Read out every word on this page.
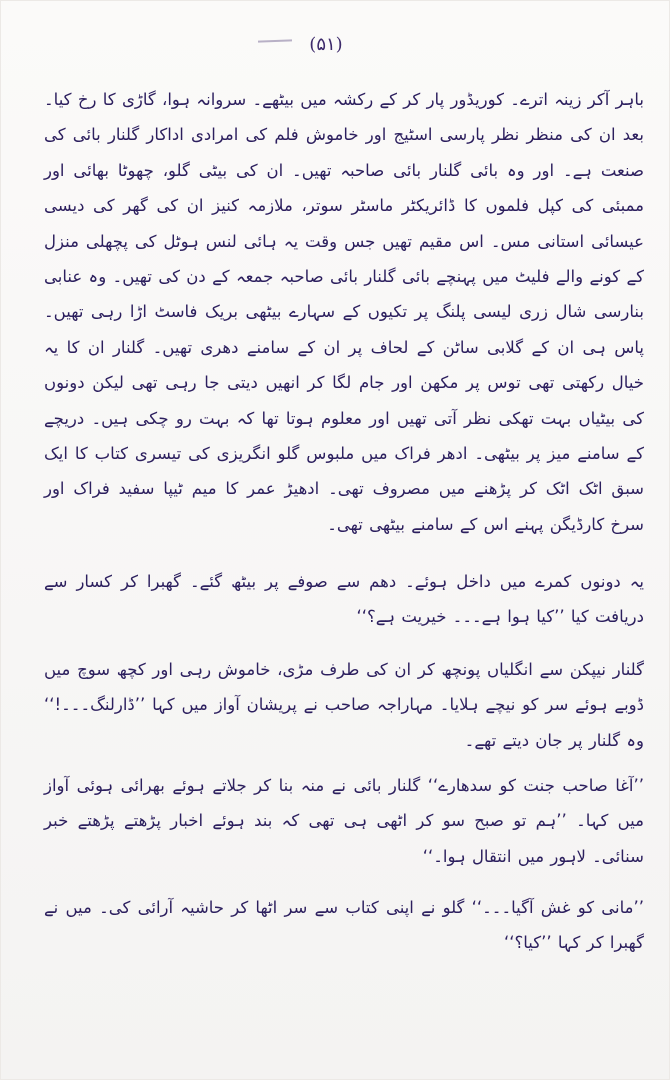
(۵۱)
باہر آکر زینہ اترے۔ کوریڈور پار کر کے رکشہ میں بیٹھے۔ سروانہ ہوا، گاڑی کا رخ کیا۔ بعد ان کی منظر نظر پارسی اسٹیج اور خاموش فلم کی امرادی اداکار گلنار بائی کی صنعت ہے۔ اور وہ بائی گلنار بائی صاحبہ تھیں۔ ان کی بیٹی گلو، چھوٹا بھائی اور ممبئی کی کپل فلموں کا ڈائریکٹر ماسٹر سوتر، ملازمہ کنیز ان کی گھر کی دیسی عیسائی استانی مس۔ اس مقیم تھیں جس وقت یہ ہائی لنس ہوٹل کی پچھلی منزل کے کونے والے فلیٹ میں پہنچے بائی گلنار بائی صاحبہ جمعہ کے دن کی تھیں۔ وہ عنابی بنارسی شال زری لیسی پلنگ پر تکیوں کے سہارے بیٹھی بریک فاسٹ اڑا رہی تھیں۔ پاس ہی ان کے گلابی ساٹن کے لحاف پر ان کے سامنے دھری تھیں۔ گلنار ان کا یہ خیال رکھتی تھی توس پر مکھن اور جام لگا کر انھیں دیتی جا رہی تھی لیکن دونوں کی بیٹیاں بہت تھکی نظر آتی تھیں اور معلوم ہوتا تھا کہ بہت رو چکی ہیں۔ دریچے کے سامنے میز پر بیٹھی۔ ادھر فراک میں ملبوس گلو انگریزی کی تیسری کتاب کا ایک سبق اٹک اٹک کر پڑھنے میں مصروف تھی۔ ادھیڑ عمر کا میم ٹیپا سفید فراک اور سرخ کارڈیگن پہنے اس کے سامنے بیٹھی تھی۔
یہ دونوں کمرے میں داخل ہوئے۔ دھم سے صوفے پر بیٹھ گئے۔ گھبرا کر کسار سے دریافت کیا ’’کیا ہوا ہے۔۔۔ خیریت ہے؟‘‘
گلنار نیپکن سے انگلیاں پونچھ کر ان کی طرف مڑی، خاموش رہی اور کچھ سوچ میں ڈوبے ہوئے سر کو نیچے ہلایا۔ مہاراجہ صاحب نے پریشان آواز میں کہا ’’ڈارلنگ۔۔۔!‘‘ وہ گلنار پر جان دیتے تھے۔
’’آغا صاحب جنت کو سدھارے‘‘ گلنار بائی نے منہ بنا کر جلاتے ہوئے بھرائی ہوئی آواز میں کہا۔ ’’ہم تو صبح سو کر اٹھی ہی تھی کہ بند ہوئے اخبار پڑھتے پڑھتے خبر سنائی۔ لاہور میں انتقال ہوا۔‘‘
’’مانی کو غش آگیا۔۔۔‘‘ گلو نے اپنی کتاب سے سر اٹھا کر حاشیہ آرائی کی۔ میں نے گھبرا کر کہا ’’کیا؟‘‘
